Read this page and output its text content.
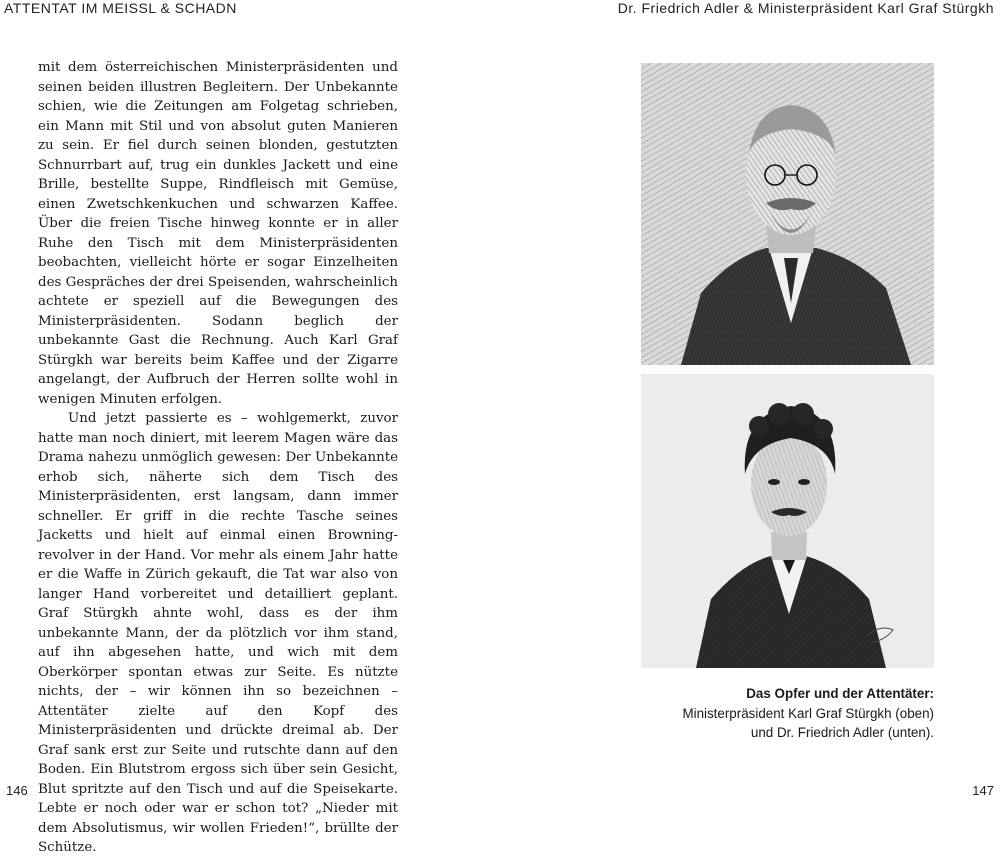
ATTENTAT IM MEISSL & SCHADN	Dr. Friedrich Adler & Ministerpräsident Karl Graf Stürgkh

mit dem österreichischen Ministerpräsidenten und seinen beiden illustren Begleitern. Der Unbekannte schien, wie die Zeitungen am Folgetag schrieben, ein Mann mit Stil und von absolut guten Manieren zu sein. Er fiel durch seinen blonden, gestutzten Schnurrbart auf, trug ein dunkles Jackett und eine Brille, bestellte Suppe, Rindfleisch mit Gemüse, einen Zwetschkenkuchen und schwarzen Kaffee. Über die freien Tische hinweg konnte er in aller Ruhe den Tisch mit dem Ministerpräsidenten beobachten, vielleicht hörte er sogar Einzelheiten des Gespräches der drei Speisenden, wahrscheinlich achtete er speziell auf die Bewegungen des Ministerpräsidenten. Sodann beglich der unbekannte Gast die Rechnung. Auch Karl Graf Stürgkh war bereits beim Kaffee und der Zigarre angelangt, der Aufbruch der Herren sollte wohl in wenigen Minuten erfolgen.

Und jetzt passierte es – wohlgemerkt, zuvor hatte man noch diniert, mit leerem Magen wäre das Drama nahezu unmöglich gewesen: Der Unbekannte erhob sich, näherte sich dem Tisch des Ministerpräsidenten, erst langsam, dann immer schneller. Er griff in die rechte Tasche seines Jacketts und hielt auf einmal einen Browningrevolver in der Hand. Vor mehr als einem Jahr hatte er die Waffe in Zürich gekauft, die Tat war also von langer Hand vorbereitet und detailliert geplant. Graf Stürgkh ahnte wohl, dass es der ihm unbekannte Mann, der da plötzlich vor ihm stand, auf ihn abgesehen hatte, und wich mit dem Oberkörper spontan etwas zur Seite. Es nützte nichts, der – wir können ihn so bezeichnen – Attentäter zielte auf den Kopf des Ministerpräsidenten und drückte dreimal ab. Der Graf sank erst zur Seite und rutschte dann auf den Boden. Ein Blutstrom ergoss sich über sein Gesicht, Blut spritzte auf den Tisch und auf die Speisekarte. Lebte er noch oder war er schon tot? „Nieder mit dem Absolutismus, wir wollen Frieden!“, brüllte der Schütze.

Das Opfer und der Attentäter:
Ministerpräsident Karl Graf Stürgkh (oben)
und Dr. Friedrich Adler (unten).
146	147
